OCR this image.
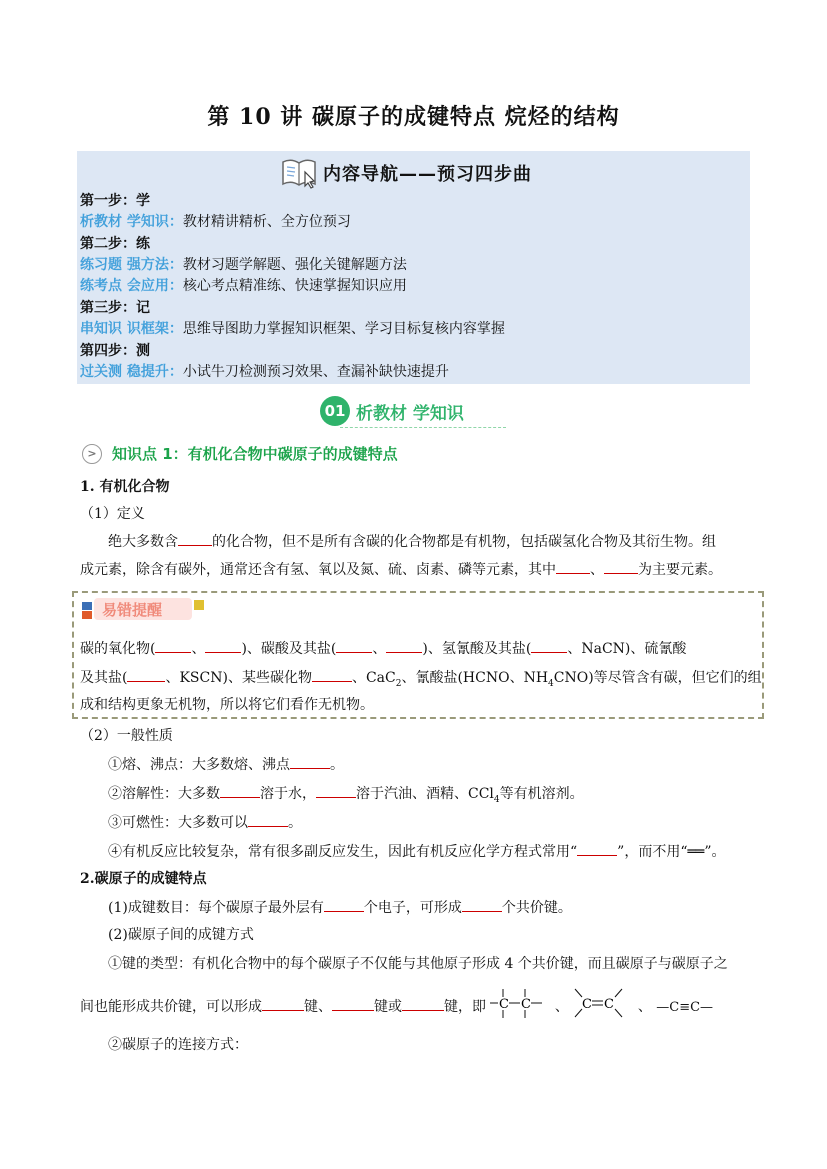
第 10 讲 碳原子的成键特点 烷烃的结构
内容导航——预习四步曲
第一步：学
析教材 学知识：教材精讲精析、全方位预习
第二步：练
练习题 强方法：教材习题学解题、强化关键解题方法
练考点 会应用：核心考点精准练、快速掌握知识应用
第三步：记
串知识 识框架：思维导图助力掌握知识框架、学习目标复核内容掌握
第四步：测
过关测 稳提升：小试牛刀检测预习效果、查漏补缺快速提升
01 析教材 学知识
>	知识点 1：有机化合物中碳原子的成键特点
1. 有机化合物
（1）定义
绝大多数含 的化合物，但不是所有含碳的化合物都是有机物，包括碳氢化合物及其衍生物。组
成元素，除含有碳外，通常还含有氢、氧以及氮、硫、卤素、磷等元素，其中 、 为主要元素。
易错提醒
碳的氧化物(	、	)、碳酸及其盐(	、	)、氢氰酸及其盐(	、NaCN)、硫氰酸
及其盐(	、KSCN)、某些碳化物	、CaC$_2$、氰酸盐(HCNO、$NH_4CNO$)等尽管含有碳，但它们的组
成和结构更象无机物，所以将它们看作无机物。
（2）一般性质
①熔、沸点：大多数熔、沸点	。
②溶解性：大多数	溶于水，	溶于汽油、酒精、CCl$_4$等有机溶剂。
③可燃性：大多数可以	。
④有机反应比较复杂，常有很多副反应发生，因此有机反应化学方程式常用“	”，而不用“══”。
2.碳原子的成键特点
(1)成键数目：每个碳原子最外层有	个电子，可形成	个共价键。
(2)碳原子间的成键方式
①键的类型：有机化合物中的每个碳原子不仅能与其他原子形成 4 个共价键，而且碳原子与碳原子之
间也能形成共价键，可以形成	键、	键或	键，即 C C 、 C C 、 —C≡C—
②碳原子的连接方式：
